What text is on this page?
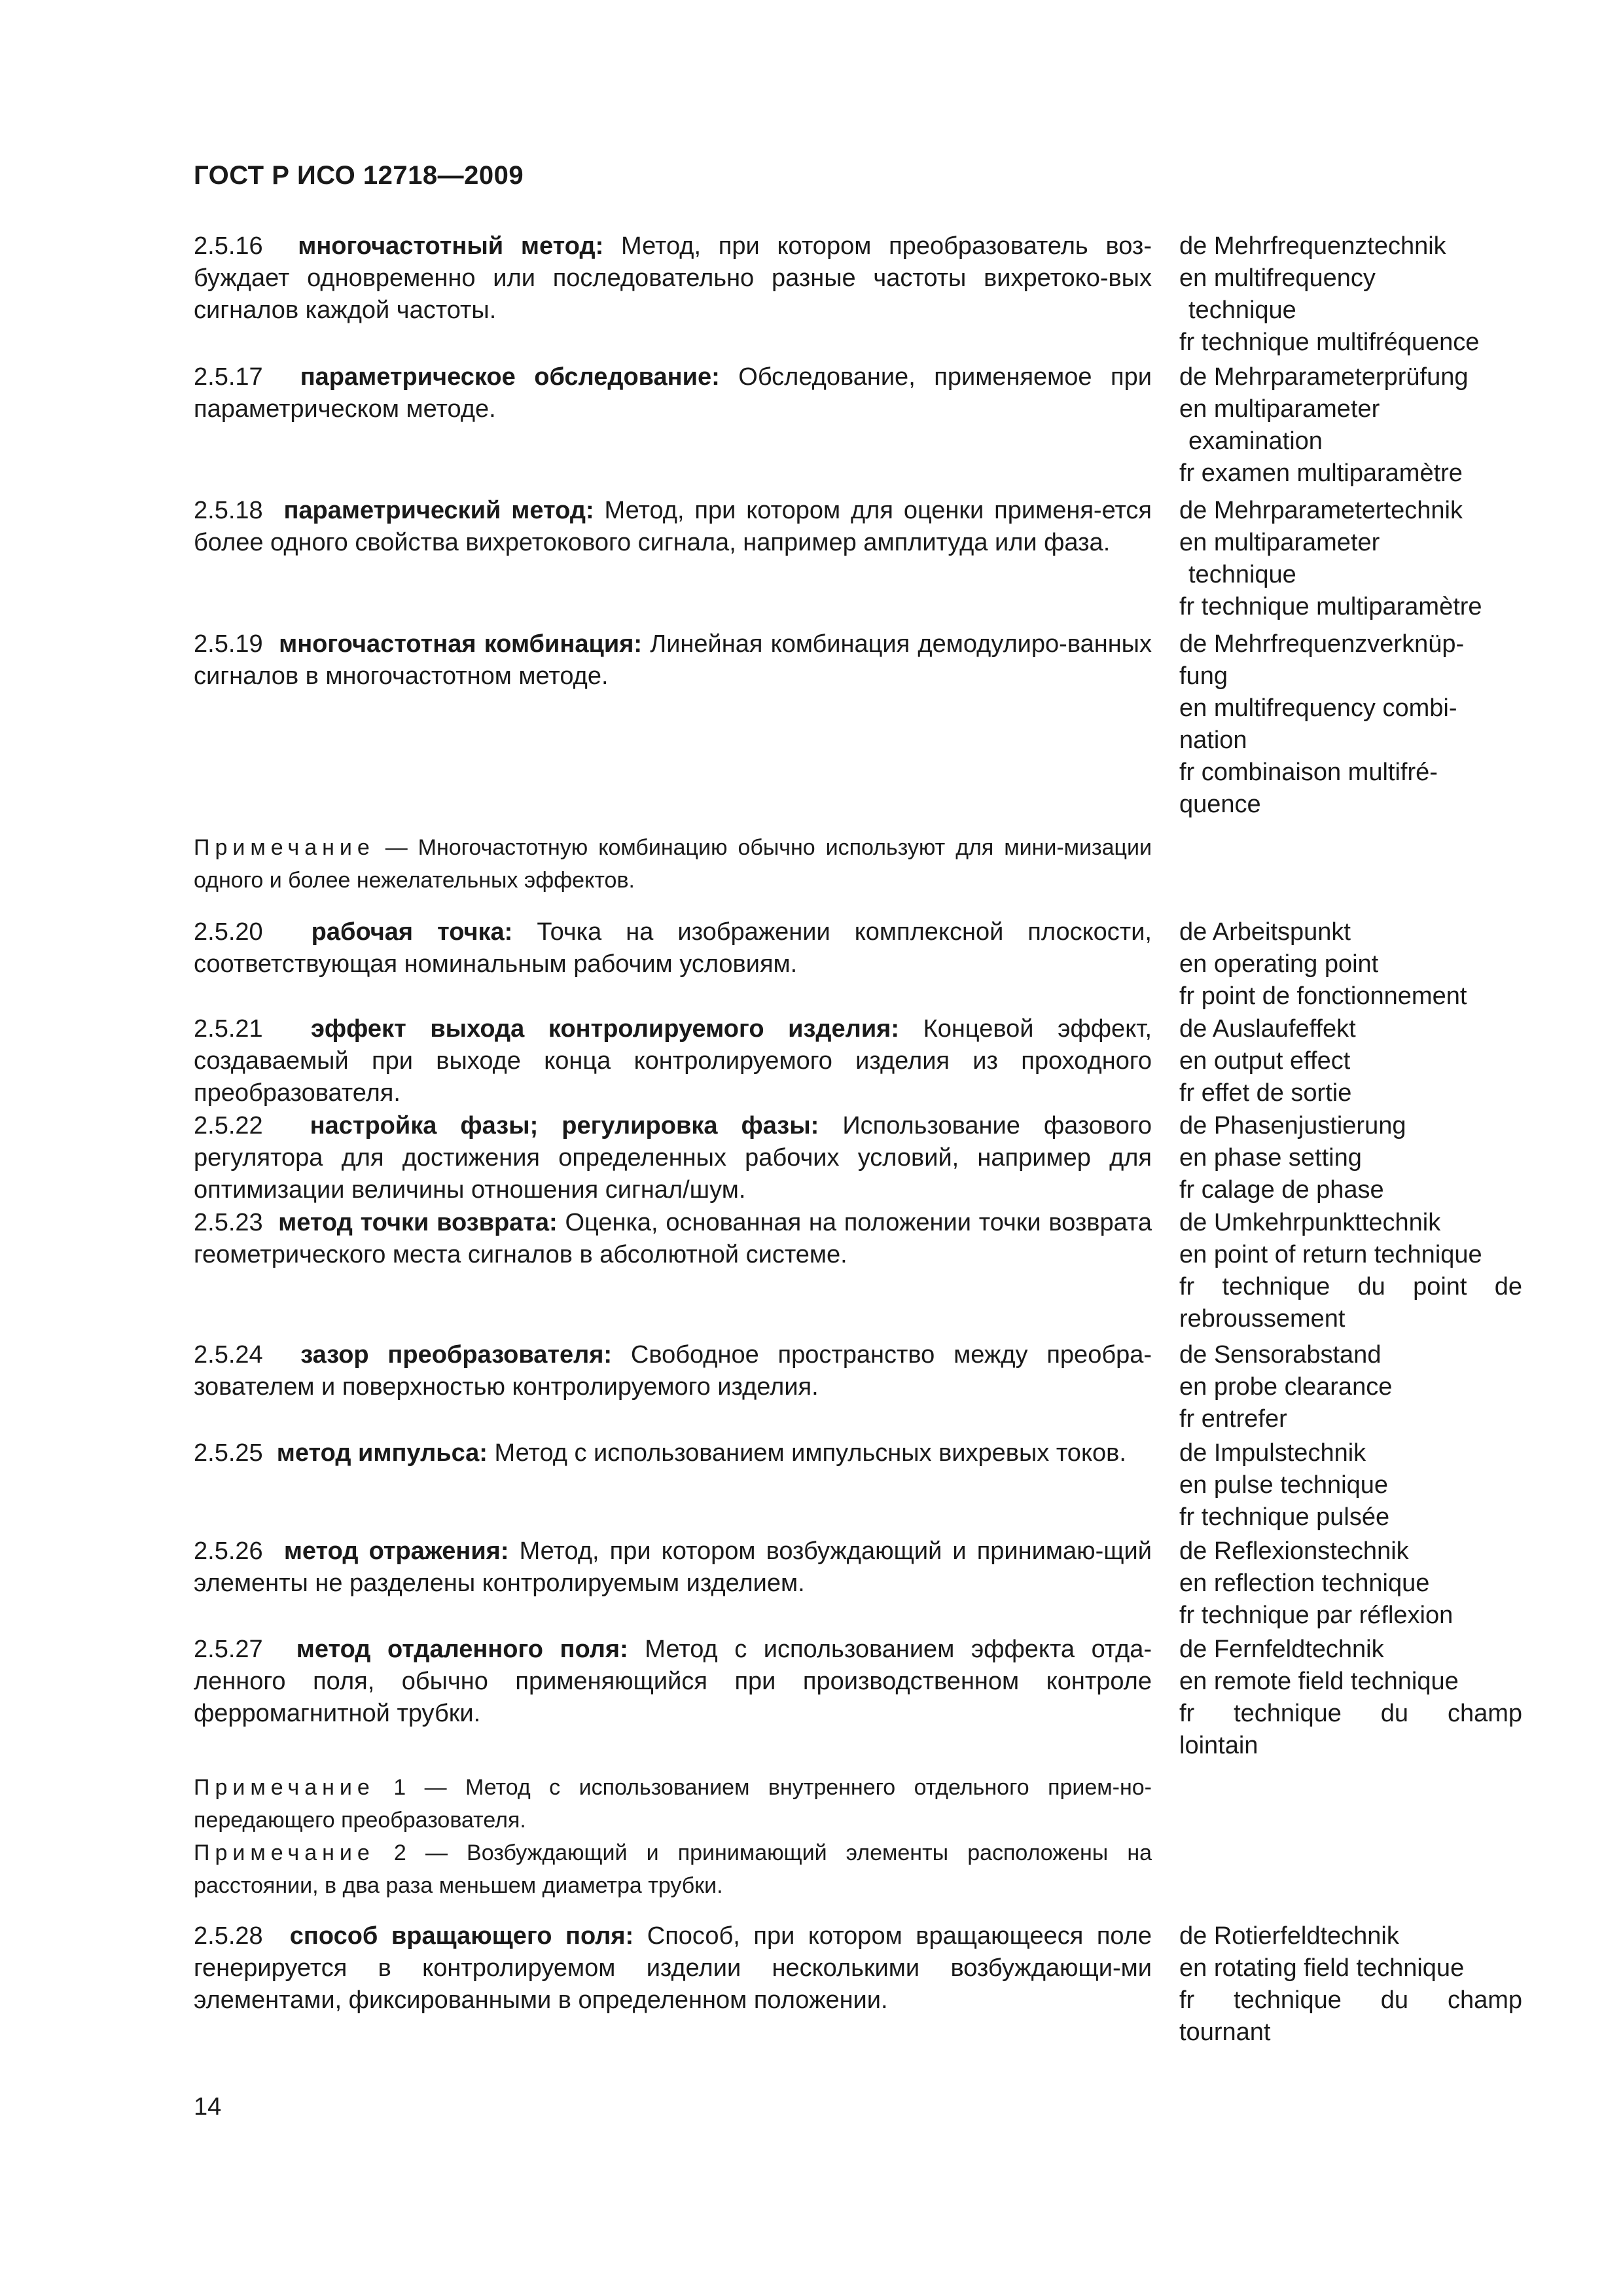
ГОСТ Р ИСО 12718—2009
2.5.16 многочастотный метод: Метод, при котором преобразователь воз-буждает одновременно или последовательно разные частоты вихретоко-вых сигналов каждой частоты.
de Mehrfrequenztechnik
en multifrequency
technique
fr technique multifréquence
2.5.17 параметрическое обследование: Обследование, применяемое при параметрическом методе.
de Mehrparameterprüfung
en multiparameter
examination
fr examen multiparamètre
2.5.18 параметрический метод: Метод, при котором для оценки применя-ется более одного свойства вихретокового сигнала, например амплитуда или фаза.
de Mehrparametertechnik
en multiparameter
technique
fr technique multiparamètre
2.5.19 многочастотная комбинация: Линейная комбинация демодулиро-ванных сигналов в многочастотном методе.
de Mehrfrequenzverknüp-
fung
en multifrequency combi-
nation
fr combinaison multifré-
quence
Примечание — Многочастотную комбинацию обычно используют для мини-мизации одного и более нежелательных эффектов.
2.5.20 рабочая точка: Точка на изображении комплексной плоскости, соответствующая номинальным рабочим условиям.
de Arbeitspunkt
en operating point
fr point de fonctionnement
2.5.21 эффект выхода контролируемого изделия: Концевой эффект, создаваемый при выходе конца контролируемого изделия из проходного преобразователя.
de Auslaufeffekt
en output effect
fr effet de sortie
2.5.22 настройка фазы; регулировка фазы: Использование фазового регулятора для достижения определенных рабочих условий, например для оптимизации величины отношения сигнал/шум.
de Phasenjustierung
en phase setting
fr calage de phase
2.5.23 метод точки возврата: Оценка, основанная на положении точки возврата геометрического места сигналов в абсолютной системе.
de Umkehrpunkttechnik
en point of return technique
fr technique du point de
rebroussement
2.5.24 зазор преобразователя: Свободное пространство между преобра-зователем и поверхностью контролируемого изделия.
de Sensorabstand
en probe clearance
fr entrefer
2.5.25 метод импульса: Метод с использованием импульсных вихревых токов.	de Impulstechnik
en pulse technique
fr technique pulsée
2.5.26 метод отражения: Метод, при котором возбуждающий и принимаю-щий элементы не разделены контролируемым изделием.
de Reflexionstechnik
en reflection technique
fr technique par réflexion
2.5.27 метод отдаленного поля: Метод с использованием эффекта отда-ленного поля, обычно применяющийся при производственном контроле ферромагнитной трубки.
de Fernfeldtechnik
en remote field technique
fr technique du champ
lointain
Примечание 1 — Метод с использованием внутреннего отдельного прием-но-передающего преобразователя.
Примечание 2 — Возбуждающий и принимающий элементы расположены на расстоянии, в два раза меньшем диаметра трубки.
2.5.28 способ вращающего поля: Способ, при котором вращающееся поле генерируется в контролируемом изделии несколькими возбуждающи-ми элементами, фиксированными в определенном положении.
de Rotierfeldtechnik
en rotating field technique
fr technique du champ
tournant
14
